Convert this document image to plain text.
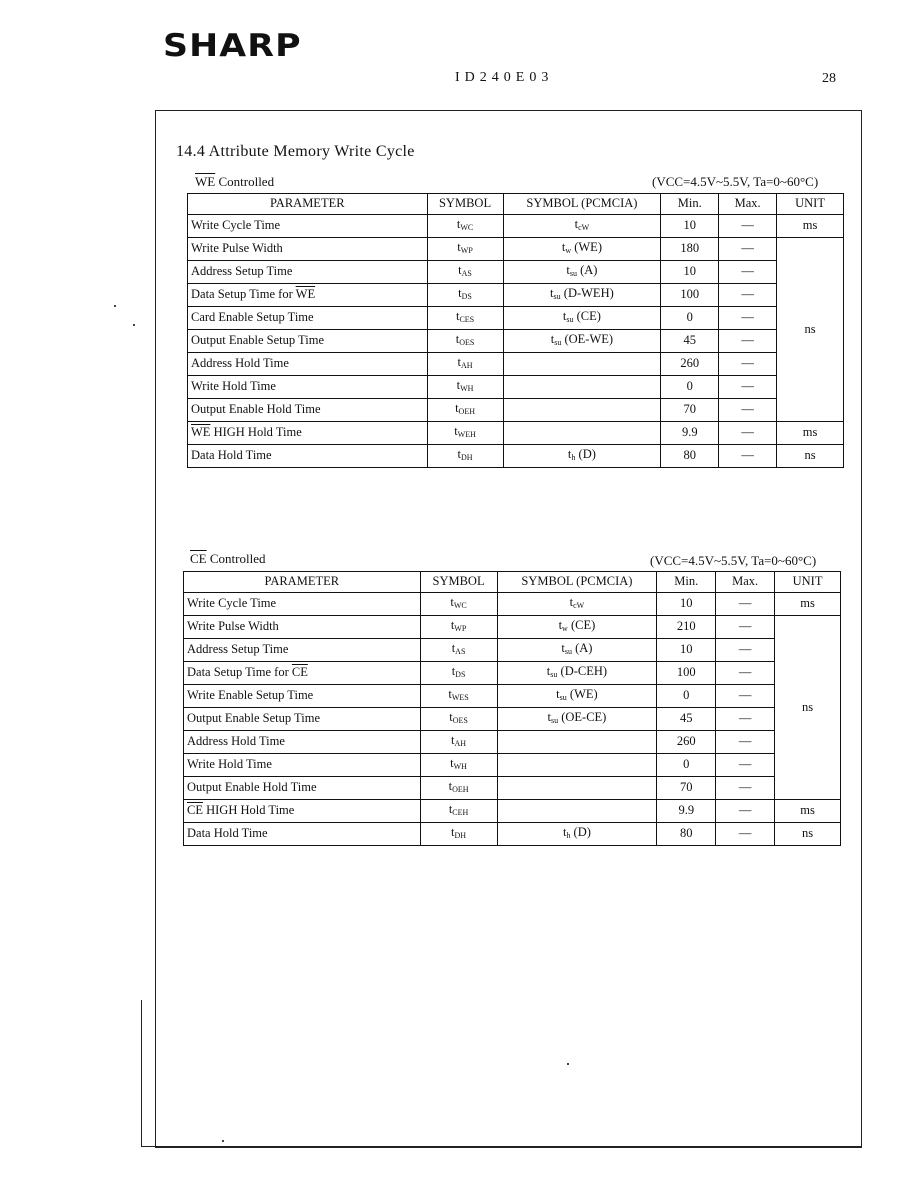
SHARP
ID240E03	28
14.4 Attribute Memory Write Cycle
$\overline{WE}$ Controlled	(VCC=4.5V~5.5V, Ta=0~60°C)
PARAMETER	SYMBOL	SYMBOL (PCMCIA)	Min.	Max.	UNIT
Write Cycle Time	$t_{WC}$	$t_{cW}$	10	—	ms
Write Pulse Width	$t_{WP}$	$t_w$ (WE)	180	—	ns
Address Setup Time	$t_{AS}$	$t_{su}$ (A)	10	—	
Data Setup Time for $\overline{WE}$	$t_{DS}$	$t_{su}$ (D-WEH)	100	—	
Card Enable Setup Time	$t_{CES}$	$t_{su}$ (CE)	0	—	
Output Enable Setup Time	$t_{OES}$	$t_{su}$ (OE-WE)	45	—	
Address Hold Time	$t_{AH}$		260	—	
Write Hold Time	$t_{WH}$		0	—	
Output Enable Hold Time	$t_{OEH}$		70	—	
$\overline{WE}$ HIGH Hold Time	$t_{WEH}$		9.9	—	ms
Data Hold Time	$t_{DH}$	$t_h$ (D)	80	—	ns
$\overline{CE}$ Controlled	(VCC=4.5V~5.5V, Ta=0~60°C)
PARAMETER	SYMBOL	SYMBOL (PCMCIA)	Min.	Max.	UNIT
Write Cycle Time	$t_{WC}$	$t_{cW}$	10	—	ms
Write Pulse Width	$t_{WP}$	$t_w$ (CE)	210	—	ns
Address Setup Time	$t_{AS}$	$t_{su}$ (A)	10	—	
Data Setup Time for $\overline{CE}$	$t_{DS}$	$t_{su}$ (D-CEH)	100	—	
Write Enable Setup Time	$t_{WES}$	$t_{su}$ (WE)	0	—	
Output Enable Setup Time	$t_{OES}$	$t_{su}$ (OE-CE)	45	—	
Address Hold Time	$t_{AH}$		260	—	
Write Hold Time	$t_{WH}$		0	—	
Output Enable Hold Time	$t_{OEH}$		70	—	
$\overline{CE}$ HIGH Hold Time	$t_{CEH}$		9.9	—	ms
Data Hold Time	$t_{DH}$	$t_h$ (D)	80	—	ns
